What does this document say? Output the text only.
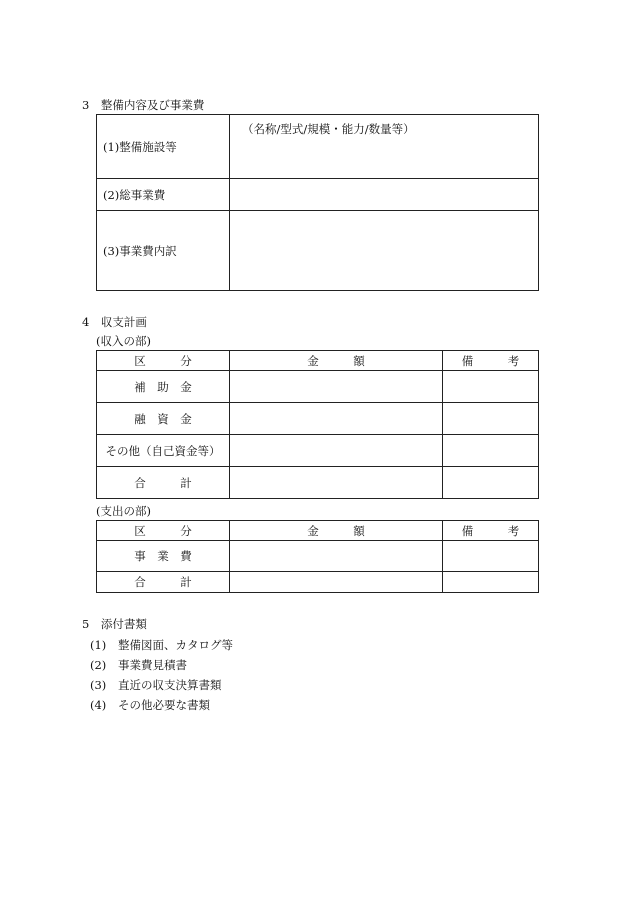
3　整備内容及び事業費
(1)整備施設等	（名称/型式/規模・能力/数量等）
(2)総事業費	
(3)事業費内訳	
4　収支計画
(収入の部)
区　　　分	金　　　額	備　　　考
補　助　金		
融　資　金		
その他（自己資金等）		
合　　　計		
(支出の部)
区　　　分	金　　　額	備　　　考
事　業　費		
合　　　計		
5　添付書類
(1) 整備図面、カタログ等
(2) 事業費見積書
(3) 直近の収支決算書類
(4) その他必要な書類
